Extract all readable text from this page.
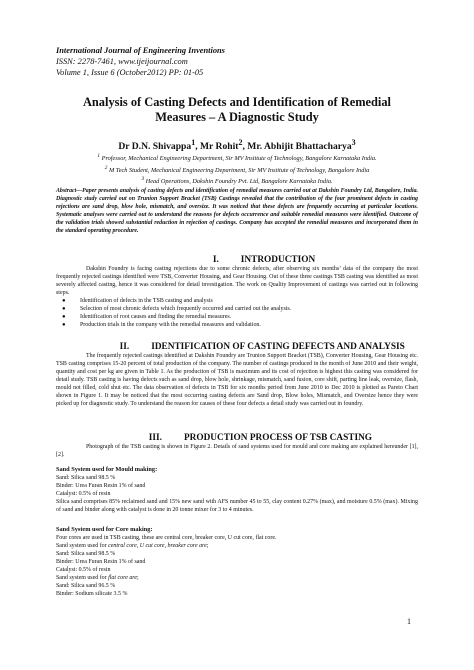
International Journal of Engineering Inventions
ISSN: 2278-7461, www.ijeijournal.com
Volume 1, Issue 6 (October2012) PP: 01-05
Analysis of Casting Defects and Identification of Remedial
Measures – A Diagnostic Study
Dr D.N. Shivappa$^1$, Mr Rohit$^2$, Mr. Abhijit Bhattacharya$^3$
$^1$ Professor, Mechanical Engineering Department, Sir MV Institute of Technology, Bangalore Karnataka India.
$^2$ M Tech Student, Mechanical Engineering Department, Sir MV Institute of Technology, Bangalore India
$^3$ Head Operations, Dakshin Foundry Pvt. Ltd, Bangalore Karnataka India.
Abstract—Paper presents analysis of casting defects and identification of remedial measures carried out at Dakshin Foundry Ltd, Bangalore, India. Diagnostic study carried out on Trunion Support Bracket (TSB) Castings revealed that the contribution of the four prominent defects in casting rejections are sand drop, blow hole, mismatch, and oversize. It was noticed that these defects are frequently occurring at particular locations. Systematic analyses were carried out to understand the reasons for defects occurrence and suitable remedial measures were identified. Outcome of the validation trials showed substantial reduction in rejection of castings. Company has accepted the remedial measures and incorporated them in the standard operating procedure.
I. INTRODUCTION
Dakshin Foundry is facing casting rejections due to some chronic defects, after observing six months’ data of the company the most frequently rejected castings identified were TSB, Converter Housing, and Gear Housing. Out of these three castings TSB casting was identified as most severely affected casting, hence it was considered for detail investigation. The work on Quality Improvement of castings was carried out in following steps.
● Identification of defects in the TSB casting and analysis
● Selection of most chronic defects which frequently occurred and carried out the analysis.
● Identification of root causes and finding the remedial measures.
● Production trials in the company with the remedial measures and validation.
II. IDENTIFICATION OF CASTING DEFECTS AND ANALYSIS
The frequently rejected castings identified at Dakshin Foundry are Trunion Support Bracket (TSB), Converter Housing, Gear Housing etc. TSB casting comprises 15-20 percent of total production of the company. The number of castings produced in the month of June 2010 and their weight, quantity and cost per kg are given in Table 1. As the production of TSB is maximum and its cost of rejection is highest this casting was considered for detail study. TSB casting is having defects such as sand drop, blow hole, shrinkage, mismatch, sand fusion, core shift, parting line leak, oversize, flash, mould not filled, cold shut etc. The data observation of defects in TSB for six months period from June 2010 to Dec 2010 is plotted as Pareto Chart shown in Figure 1. It may be noticed that the most occurring casting defects are Sand drop, Blow holes, Mismatch, and Oversize hence they were picked up for diagnostic study. To understand the reason for causes of these four defects a detail study was carried out in foundry.
III. PRODUCTION PROCESS OF TSB CASTING
Photograph of the TSB casting is shown in Figure 2. Details of sand systems used for mould and core making are explained hereunder [1], [2].
Sand System used for Mould making:
Sand: Silica sand 98.5 %
Binder: Urea Furan Resin 1% of sand
Catalyst: 0.5% of resin
Silica sand comprises 85% reclaimed sand and 15% new sand with AFS number 45 to 55, clay content 0.27% (max), and moisture 0.5% (max). Mixing of sand and binder along with catalyst is done in 20 tonne mixer for 3 to 4 minutes.
Sand System used for Core making:
Four cores are used in TSB casting, these are central core, breaker core, U cut core, flat core.
Sand system used for central core, U cut core, breaker core are;
Sand: Silica sand 98.5 %
Binder: Urea Furan Resin 1% of sand
Catalyst: 0.5% of resin
Sand system used for flat core are;
Sand: Silica sand 96.5 %
Binder: Sodium silicate 3.5 %
1
